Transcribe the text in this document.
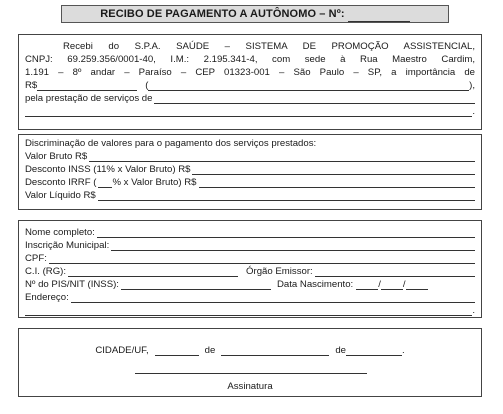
RECIBO DE PAGAMENTO A AUTÔNOMO – Nº:
Recebi do S.P.A. SAÚDE – SISTEMA DE PROMOÇÃO ASSISTENCIAL,
CNPJ: 69.259.356/0001-40, I.M.: 2.195.341-4, com sede à Rua Maestro Cardim,
1.191 – 8º andar – Paraíso – CEP 01323-001 – São Paulo – SP, a importância de
R$	(	),
pela prestação de serviços de
.
Discriminação de valores para o pagamento dos serviços prestados:
Valor Bruto R$
Desconto INSS (11% x Valor Bruto) R$
Desconto IRRF ( % x Valor Bruto) R$
Valor Líquido R$
Nome completo:
Inscrição Municipal:
CPF:
C.I. (RG):	Órgão Emissor:
Nº do PIS/NIT (INSS):	Data Nascimento:	/ /
Endereço:
.
CIDADE/UF,	de	de	.
Assinatura
